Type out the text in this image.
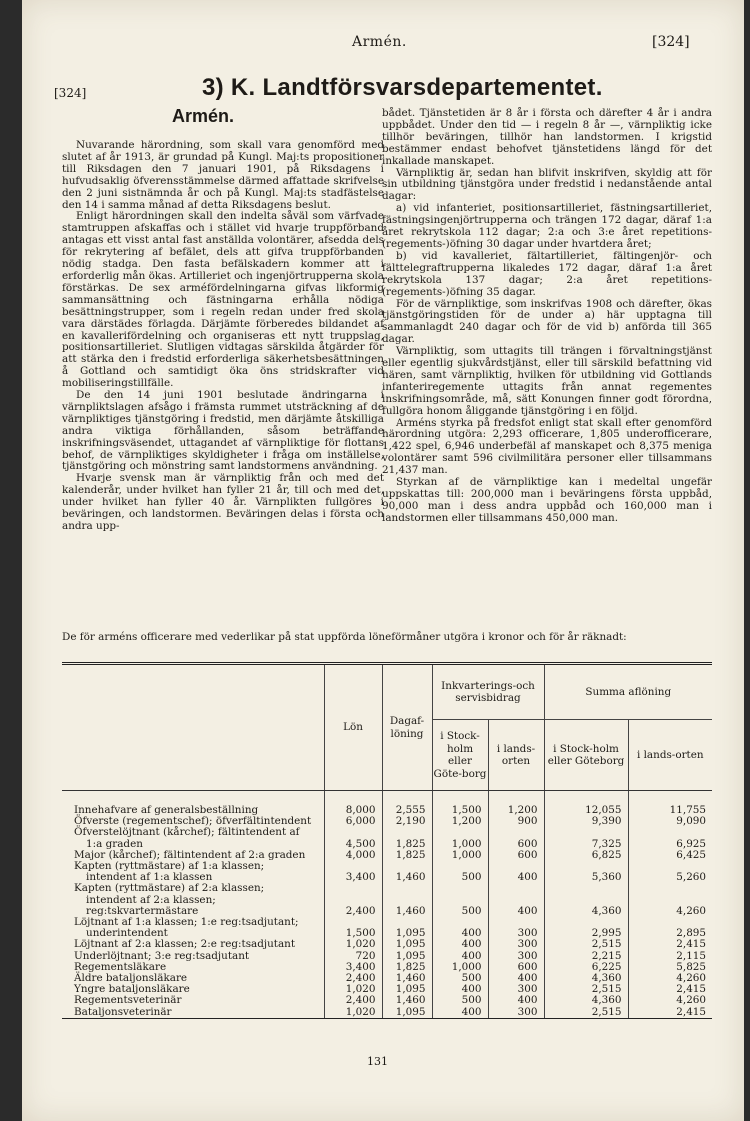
Armén.	[324]
[324]	3) K. Landtförsvarsdepartementet.
Armén.

Nuvarande härordning, som skall vara genomförd med slutet af år 1913, är grundad på Kungl. Maj:ts propositioner till Riksdagen den 7 januari 1901, på Riksdagens i hufvudsaklig öfverensstämmelse därmed affattade skrifvelse den 2 juni sistnämnda år och på Kungl. Maj:ts stadfästelse den 14 i samma månad af detta Riksdagens beslut.

Enligt härordningen skall den indelta såväl som värfvade stamtruppen afskaffas och i stället vid hvarje truppförband antagas ett visst antal fast anställda volontärer, afsedda dels för rekrytering af befälet, dels att gifva truppförbanden nödig stadga. Den fasta befälskadern kommer att i erforderlig mån ökas. Artilleriet och ingenjörtrupperna skola förstärkas. De sex arméfördelningarna gifvas likformig sammansättning och fästningarna erhålla nödiga besättningstrupper, som i regeln redan under fred skola vara därstädes förlagda. Därjämte förberedes bildandet af en kavallerifördelning och organiseras ett nytt truppslag, positionsartilleriet. Slutligen vidtagas särskilda åtgärder för att stärka den i fredstid erforderliga säkerhetsbesättningen å Gottland och samtidigt öka öns stridskrafter vid mobiliseringstillfälle.

De den 14 juni 1901 beslutade ändringarna i värnpliktslagen afsågo i främsta rummet utsträckning af de värnpliktiges tjänstgöring i fredstid, men därjämte åtskilliga andra viktiga förhållanden, såsom beträffande inskrifningsväsendet, uttagandet af värnpliktige för flottans behof, de värnpliktiges skyldigheter i fråga om inställelse, tjänstgöring och mönstring samt landstormens användning.

Hvarje svensk man är värnpliktig från och med det kalenderår, under hvilket han fyller 21 år, till och med det, under hvilket han fyller 40 år. Värnplikten fullgöres i beväringen, och landstormen. Beväringen delas i första och andra upp-

bådet. Tjänstetiden är 8 år i första och därefter 4 år i andra uppbådet. Under den tid — i regeln 8 år —, värnpliktig icke tillhör beväringen, tillhör han landstormen. I krigstid bestämmer endast behofvet tjänstetidens längd för det inkallade manskapet.

Värnpliktig är, sedan han blifvit inskrifven, skyldig att för sin utbildning tjänstgöra under fredstid i nedanstående antal dagar:

a) vid infanteriet, positionsartilleriet, fästningsartilleriet, fästningsingenjörtrupperna och trängen 172 dagar, däraf 1:a året rekrytskola 112 dagar; 2:a och 3:e året repetitions-(regements-)öfning 30 dagar under hvartdera året;

b) vid kavalleriet, fältartilleriet, fältingenjör- och fälttelegraftrupperna likaledes 172 dagar, däraf 1:a året rekrytskola 137 dagar; 2:a året repetitions-(regements-)öfning 35 dagar.

För de värnpliktige, som inskrifvas 1908 och därefter, ökas tjänstgöringstiden för de under a) här upptagna till sammanlagdt 240 dagar och för de vid b) anförda till 365 dagar.

Värnpliktig, som uttagits till trängen i förvaltningstjänst eller egentlig sjukvårdstjänst, eller till särskild befattning vid hären, samt värnpliktig, hvilken för utbildning vid Gottlands infanteriregemente uttagits från annat regementes inskrifningsområde, må, sätt Konungen finner godt förordna, fullgöra honom åliggande tjänstgöring i en följd.

Arméns styrka på fredsfot enligt stat skall efter genomförd härordning utgöra: 2,293 officerare, 1,805 underofficerare, 1,422 spel, 6,946 underbefäl af manskapet och 8,375 meniga volontärer samt 596 civilmilitära personer eller tillsammans 21,437 man.

Styrkan af de värnpliktige kan i medeltal ungefär uppskattas till: 200,000 man i beväringens första uppbåd, 90,000 man i dess andra uppbåd och 160,000 man i landstormen eller tillsammans 450,000 man.

De för arméns officerare med vederlikar på stat uppförda löneförmåner utgöra i kronor och för år räknadt:
	Lön	Dagaf-löning	Inkvarterings-och servisbidrag		Summa aflöning	
			i Stock-holm eller Göte-borg	i lands-orten	i Stock-holm eller Göteborg	i lands-orten
Innehafvare af generalsbeställning	8,000	2,555	1,500	1,200	12,055	11,755
Öfverste (regementschef); öfverfältintendent	6,000	2,190	1,200	900	9,390	9,090
Öfverstelöjtnant (kårchef); fältintendent af 1:a graden	4,500	1,825	1,000	600	7,325	6,925
Major (kårchef); fältintendent af 2:a graden	4,000	1,825	1,000	600	6,825	6,425
Kapten (ryttmästare) af 1:a klassen; intendent af 1:a klassen	3,400	1,460	500	400	5,360	5,260
Kapten (ryttmästare) af 2:a klassen; intendent af 2:a klassen; reg:tskvartermästare	2,400	1,460	500	400	4,360	4,260
Löjtnant af 1:a klassen; 1:e reg:tsadjutant; underintendent	1,500	1,095	400	300	2,995	2,895
Löjtnant af 2:a klassen; 2:e reg:tsadjutant	1,020	1,095	400	300	2,515	2,415
Underlöjtnant; 3:e reg:tsadjutant	720	1,095	400	300	2,215	2,115
Regementsläkare	3,400	1,825	1,000	600	6,225	5,825
Äldre bataljonsläkare	2,400	1,460	500	400	4,360	4,260
Yngre bataljonsläkare	1,020	1,095	400	300	2,515	2,415
Regementsveterinär	2,400	1,460	500	400	4,360	4,260
Bataljonsveterinär	1,020	1,095	400	300	2,515	2,415
131
